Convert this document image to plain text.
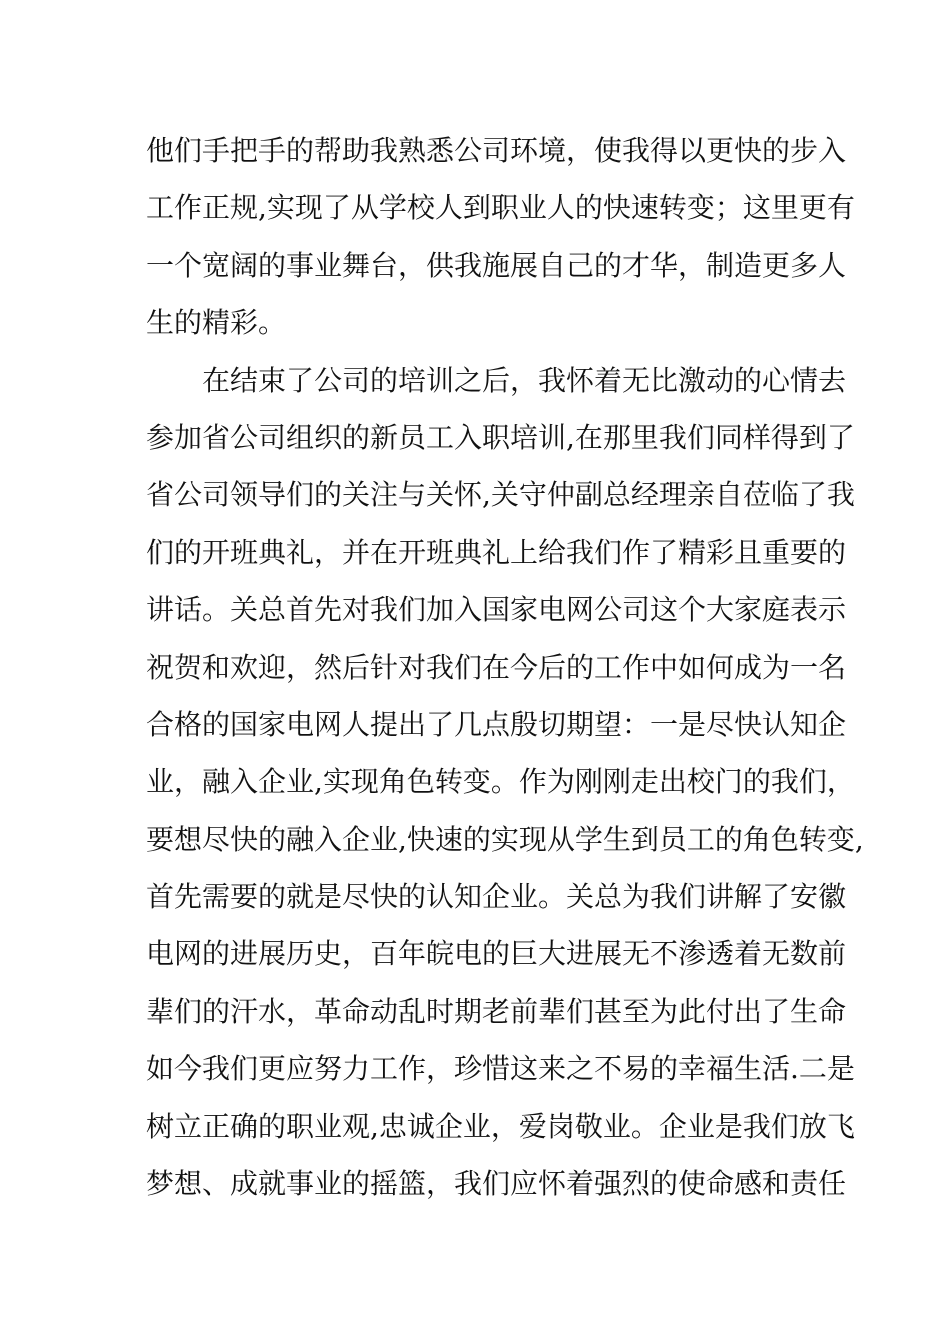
他们手把手的帮助我熟悉公司环境，使我得以更快的步入
工作正规,实现了从学校人到职业人的快速转变；这里更有
一个宽阔的事业舞台，供我施展自己的才华，制造更多人
生的精彩。
在结束了公司的培训之后，我怀着无比激动的心情去
参加省公司组织的新员工入职培训,在那里我们同样得到了
省公司领导们的关注与关怀,关守仲副总经理亲自莅临了我
们的开班典礼，并在开班典礼上给我们作了精彩且重要的
讲话。关总首先对我们加入国家电网公司这个大家庭表示
祝贺和欢迎，然后针对我们在今后的工作中如何成为一名
合格的国家电网人提出了几点殷切期望：一是尽快认知企
业，融入企业,实现角色转变。作为刚刚走出校门的我们，
要想尽快的融入企业,快速的实现从学生到员工的角色转变,
首先需要的就是尽快的认知企业。关总为我们讲解了安徽
电网的进展历史，百年皖电的巨大进展无不渗透着无数前
辈们的汗水，革命动乱时期老前辈们甚至为此付出了生命
如今我们更应努力工作，珍惜这来之不易的幸福生活.二是
树立正确的职业观,忠诚企业，爱岗敬业。企业是我们放飞
梦想、成就事业的摇篮，我们应怀着强烈的使命感和责任
